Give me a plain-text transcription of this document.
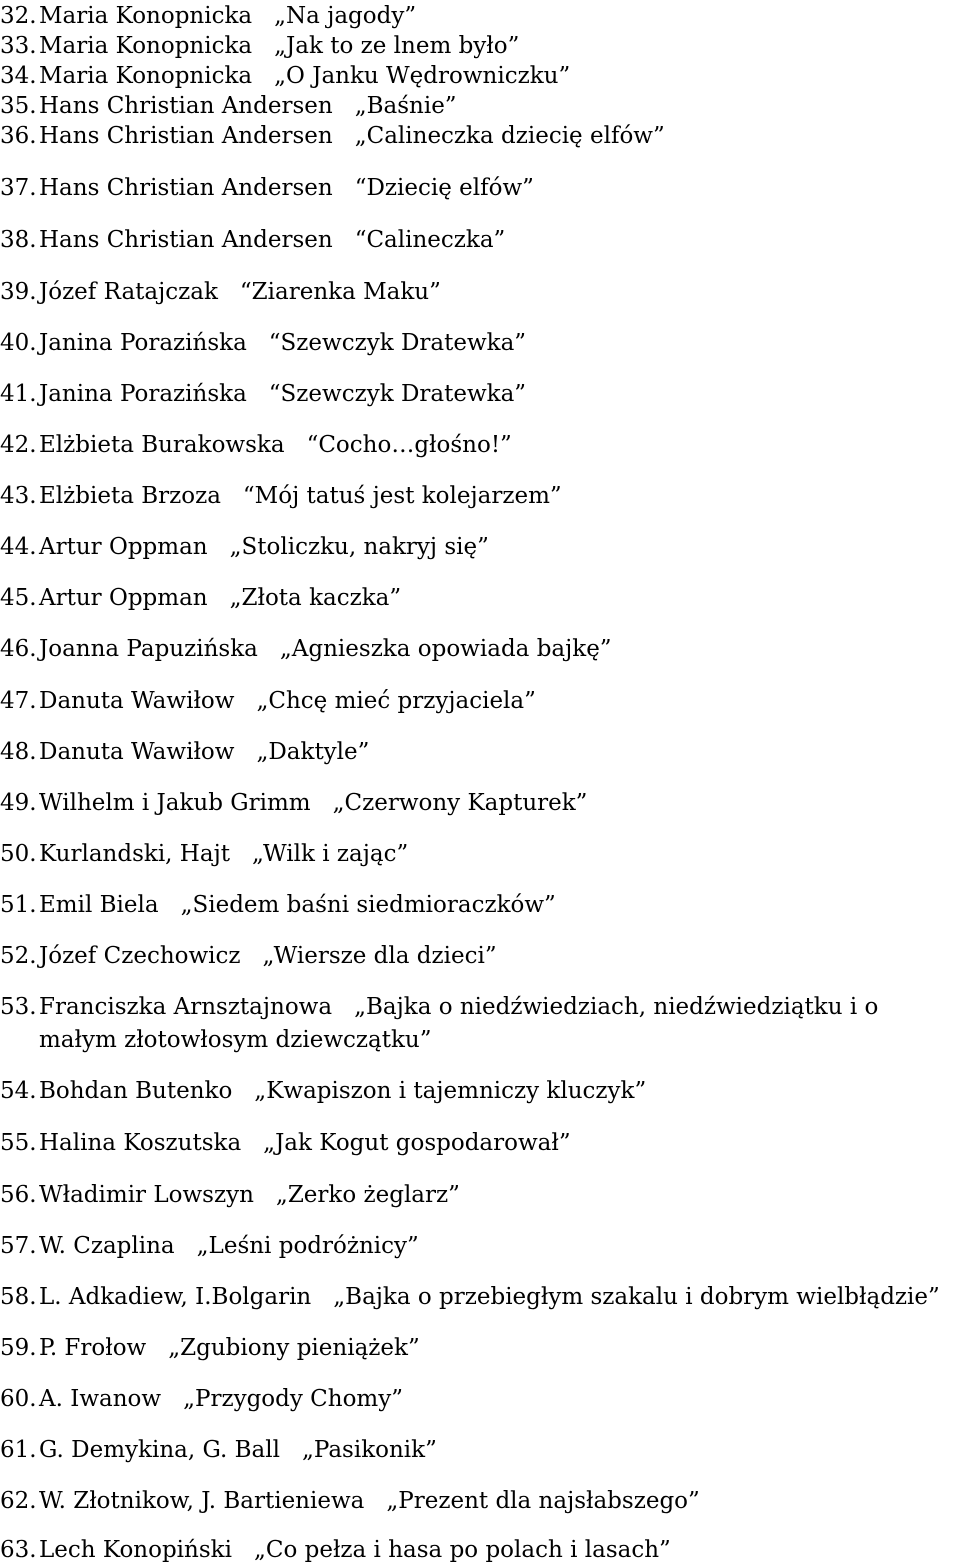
32. Maria Konopnicka „Na jagody”
33. Maria Konopnicka „Jak to ze lnem było”
34. Maria Konopnicka „O Janku Wędrowniczku”
35. Hans Christian Andersen „Baśnie”
36. Hans Christian Andersen „Calineczka dziecię elfów”
37. Hans Christian Andersen “Dziecię elfów”
38. Hans Christian Andersen “Calineczka”
39. Józef Ratajczak “Ziarenka Maku”
40. Janina Porazińska “Szewczyk Dratewka”
41. Janina Porazińska “Szewczyk Dratewka”
42. Elżbieta Burakowska “Cocho…głośno!”
43. Elżbieta Brzoza “Mój tatuś jest kolejarzem”
44. Artur Oppman „Stoliczku, nakryj się”
45. Artur Oppman „Złota kaczka”
46. Joanna Papuzińska „Agnieszka opowiada bajkę”
47. Danuta Wawiłow „Chcę mieć przyjaciela”
48. Danuta Wawiłow „Daktyle”
49. Wilhelm i Jakub Grimm „Czerwony Kapturek”
50. Kurlandski, Hajt „Wilk i zając”
51. Emil Biela „Siedem baśni siedmioraczków”
52. Józef Czechowicz „Wiersze dla dzieci”
53. Franciszka Arnsztajnowa „Bajka o niedźwiedziach, niedźwiedziątku i o małym złotowłosym dziewczątku”
54. Bohdan Butenko „Kwapiszon i tajemniczy kluczyk”
55. Halina Koszutska „Jak Kogut gospodarował”
56. Władimir Lowszyn „Zerko żeglarz”
57. W. Czaplina „Leśni podróżnicy”
58. L. Adkadiew, I.Bolgarin „Bajka o przebiegłym szakalu i dobrym wielbłądzie”
59. P. Frołow „Zgubiony pieniążek”
60. A. Iwanow „Przygody Chomy”
61. G. Demykina, G. Ball „Pasikonik”
62. W. Złotnikow, J. Bartieniewa „Prezent dla najsłabszego”
63. Lech Konopiński „Co pełza i hasa po polach i lasach”
